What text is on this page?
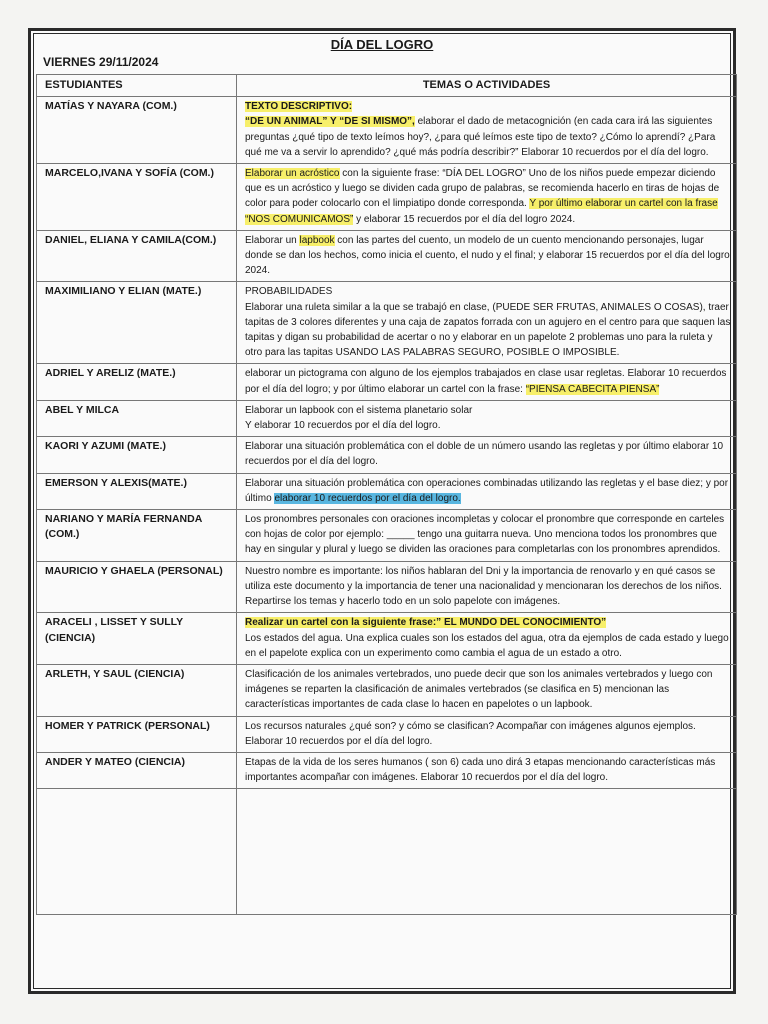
DÍA DEL LOGRO
VIERNES 29/11/2024
ESTUDIANTES	TEMAS O ACTIVIDADES
MATÍAS Y NAYARA (COM.)	TEXTO DESCRIPTIVO:
“DE UN ANIMAL” Y “DE SI MISMO”, elaborar el dado de metacognición (en cada cara irá las siguientes preguntas ¿qué tipo de texto leímos hoy?, ¿para qué leímos este tipo de texto? ¿Cómo lo aprendí? ¿Para qué me va a servir lo aprendido? ¿qué más podría describir?” Elaborar 10 recuerdos por el día del logro.
MARCELO,IVANA Y SOFÍA (COM.)	Elaborar un acróstico con la siguiente frase: “DÍA DEL LOGRO” Uno de los niños puede empezar diciendo que es un acróstico y luego se dividen cada grupo de palabras, se recomienda hacerlo en tiras de hojas de color para poder colocarlo con el limpiatipo donde corresponda. Y por último elaborar un cartel con la frase “NOS COMUNICAMOS” y elaborar 15 recuerdos por el día del logro 2024.
DANIEL, ELIANA Y CAMILA(COM.)	Elaborar un lapbook con las partes del cuento, un modelo de un cuento mencionando personajes, lugar donde se dan los hechos, como inicia el cuento, el nudo y el final; y elaborar 15 recuerdos por el día del logro 2024.
MAXIMILIANO Y ELIAN (MATE.)	PROBABILIDADES
Elaborar una ruleta similar a la que se trabajó en clase, (PUEDE SER FRUTAS, ANIMALES O COSAS), traer tapitas de 3 colores diferentes y una caja de zapatos forrada con un agujero en el centro para que saquen las tapitas y digan su probabilidad de acertar o no y elaborar en un papelote 2 problemas uno para la ruleta y otro para las tapitas USANDO LAS PALABRAS SEGURO, POSIBLE O IMPOSIBLE.
ADRIEL Y ARELIZ (MATE.)	elaborar un pictograma con alguno de los ejemplos trabajados en clase usar regletas. Elaborar 10 recuerdos por el día del logro; y por último elaborar un cartel con la frase: “PIENSA CABECITA PIENSA”
ABEL Y MILCA	Elaborar un lapbook con el sistema planetario solar
Y elaborar 10 recuerdos por el día del logro.
KAORI Y AZUMI (MATE.)	Elaborar una situación problemática con el doble de un número usando las regletas y por último elaborar 10 recuerdos por el día del logro.
EMERSON Y ALEXIS(MATE.)	Elaborar una situación problemática con operaciones combinadas utilizando las regletas y el base diez; y por último elaborar 10 recuerdos por el día del logro.
NARIANO Y MARÍA FERNANDA (COM.)	Los pronombres personales con oraciones incompletas y colocar el pronombre que corresponde en carteles con hojas de color por ejemplo: _____ tengo una guitarra nueva. Uno menciona todos los pronombres que hay en singular y plural y luego se dividen las oraciones para completarlas con los pronombres aprendidos.
MAURICIO Y GHAELA (PERSONAL)	Nuestro nombre es importante: los niños hablaran del Dni y la importancia de renovarlo y en qué casos se utiliza este documento y la importancia de tener una nacionalidad y mencionaran los derechos de los niños. Repartirse los temas y hacerlo todo en un solo papelote con imágenes.
ARACELI , LISSET Y SULLY (CIENCIA)	Realizar un cartel con la siguiente frase:” EL MUNDO DEL CONOCIMIENTO”
Los estados del agua. Una explica cuales son los estados del agua, otra da ejemplos de cada estado y luego en el papelote explica con un experimento como cambia el agua de un estado a otro.
ARLETH, Y SAUL (CIENCIA)	Clasificación de los animales vertebrados, uno puede decir que son los animales vertebrados y luego con imágenes se reparten la clasificación de animales vertebrados (se clasifica en 5) mencionan las características importantes de cada clase lo hacen en papelotes o un lapbook.
HOMER Y PATRICK (PERSONAL)	Los recursos naturales ¿qué son? y cómo se clasifican? Acompañar con imágenes algunos ejemplos. Elaborar 10 recuerdos por el día del logro.
ANDER Y MATEO (CIENCIA)	Etapas de la vida de los seres humanos ( son 6) cada uno dirá 3 etapas mencionando características más importantes acompañar con imágenes. Elaborar 10 recuerdos por el día del logro.
